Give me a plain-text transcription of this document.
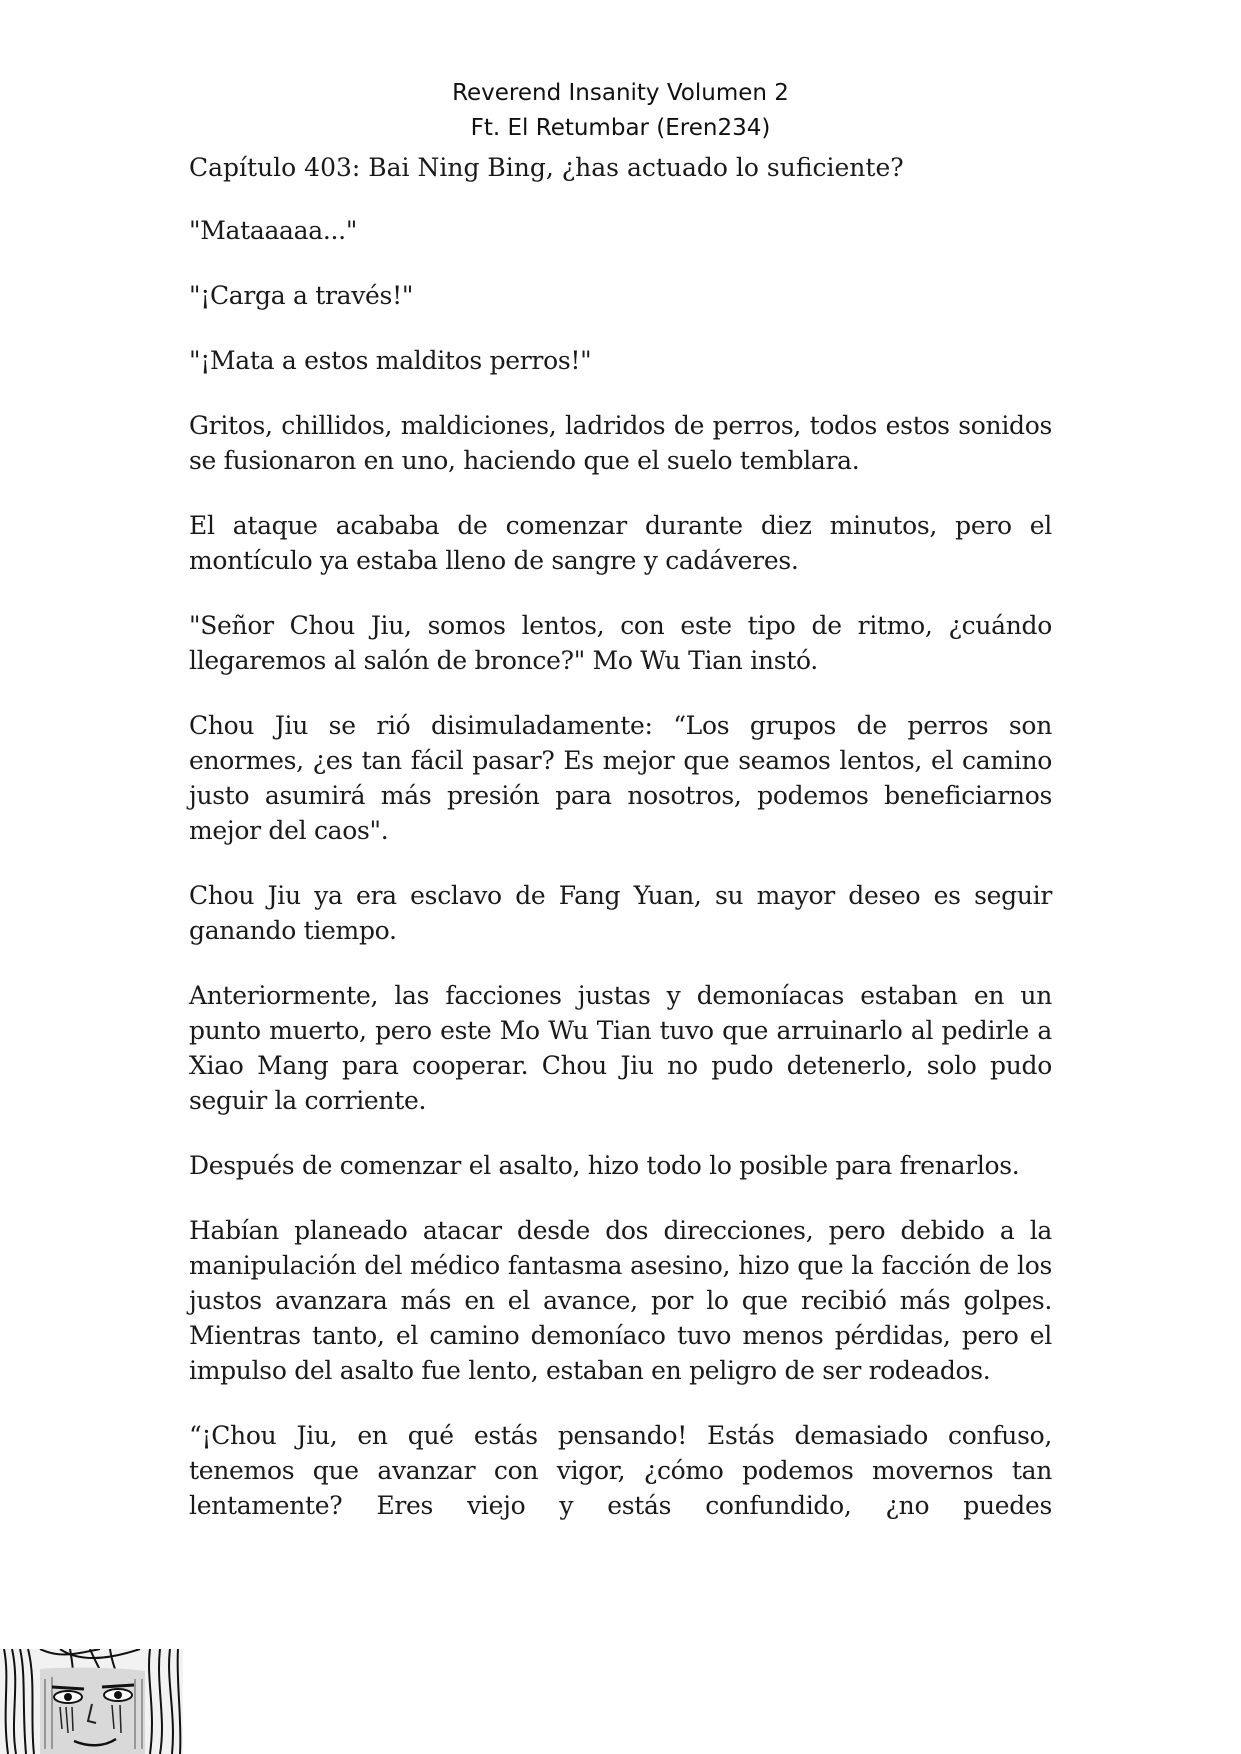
Reverend Insanity Volumen 2
Ft. El Retumbar (Eren234)
Capítulo 403: Bai Ning Bing, ¿has actuado lo suficiente?

"Mataaaaa..."

"¡Carga a través!"

"¡Mata a estos malditos perros!"

Gritos, chillidos, maldiciones, ladridos de perros, todos estos sonidos se fusionaron en uno, haciendo que el suelo temblara.

El ataque acababa de comenzar durante diez minutos, pero el montículo ya estaba lleno de sangre y cadáveres.

"Señor Chou Jiu, somos lentos, con este tipo de ritmo, ¿cuándo llegaremos al salón de bronce?" Mo Wu Tian instó.

Chou Jiu se rió disimuladamente: “Los grupos de perros son enormes, ¿es tan fácil pasar? Es mejor que seamos lentos, el camino justo asumirá más presión para nosotros, podemos beneficiarnos mejor del caos".

Chou Jiu ya era esclavo de Fang Yuan, su mayor deseo es seguir ganando tiempo.

Anteriormente, las facciones justas y demoníacas estaban en un punto muerto, pero este Mo Wu Tian tuvo que arruinarlo al pedirle a Xiao Mang para cooperar. Chou Jiu no pudo detenerlo, solo pudo seguir la corriente.

Después de comenzar el asalto, hizo todo lo posible para frenarlos.

Habían planeado atacar desde dos direcciones, pero debido a la manipulación del médico fantasma asesino, hizo que la facción de los justos avanzara más en el avance, por lo que recibió más golpes. Mientras tanto, el camino demoníaco tuvo menos pérdidas, pero el impulso del asalto fue lento, estaban en peligro de ser rodeados.

“¡Chou Jiu, en qué estás pensando! Estás demasiado confuso, tenemos que avanzar con vigor, ¿cómo podemos movernos tan lentamente? Eres viejo y estás confundido, ¿no puedes
